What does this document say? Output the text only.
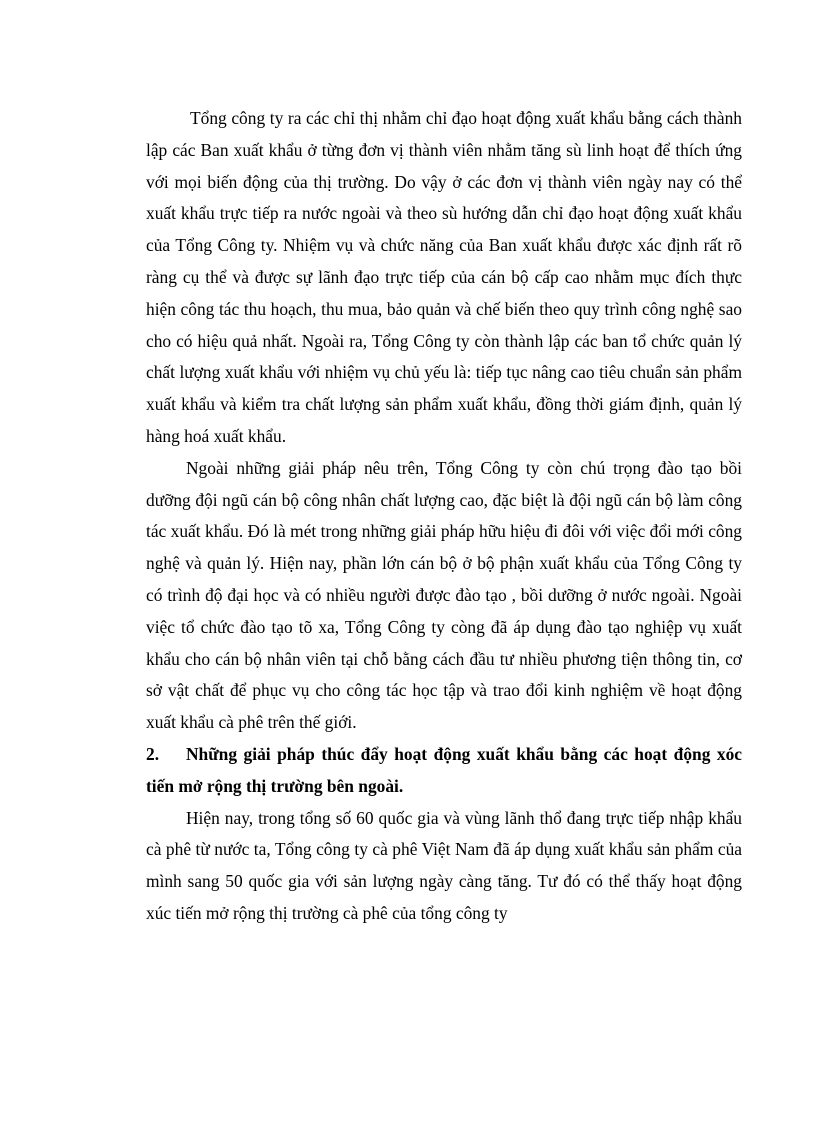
Tổng công ty ra các chỉ thị nhằm chỉ đạo hoạt động xuất khẩu bằng cách thành lập các Ban xuất khẩu ở từng đơn vị thành viên nhằm tăng sù linh hoạt để thích ứng với mọi biến động của thị trường. Do vậy ở các đơn vị thành viên ngày nay có thể xuất khẩu trực tiếp ra nước ngoài và theo sù hướng dẫn chỉ đạo hoạt động xuất khẩu của Tổng Công ty. Nhiệm vụ và chức năng của Ban xuất khẩu được xác định rất rõ ràng cụ thể và được sự lãnh đạo trực tiếp của cán bộ cấp cao nhằm mục đích thực hiện công tác thu hoạch, thu mua, bảo quản và chế biến theo quy trình công nghệ sao cho có hiệu quả nhất. Ngoài ra, Tổng Công ty còn thành lập các ban tổ chức quản lý chất lượng xuất khẩu với nhiệm vụ chủ yếu là: tiếp tục nâng cao tiêu chuẩn sản phẩm xuất khẩu và kiểm tra chất lượng sản phẩm xuất khẩu, đồng thời giám định, quản lý hàng hoá xuất khẩu.

Ngoài những giải pháp nêu trên, Tổng Công ty còn chú trọng đào tạo bồi dưỡng đội ngũ cán bộ công nhân chất lượng cao, đặc biệt là đội ngũ cán bộ làm công tác xuất khẩu. Đó là mét trong những giải pháp hữu hiệu đi đôi với việc đổi mới công nghệ và quản lý. Hiện nay, phần lớn cán bộ ở bộ phận xuất khẩu của Tổng Công ty có trình độ đại học và có nhiều người được đào tạo , bồi dưỡng ở nước ngoài. Ngoài việc tổ chức đào tạo tõ xa, Tổng Công ty còng đã áp dụng đào tạo nghiệp vụ xuất khẩu cho cán bộ nhân viên tại chỗ bằng cách đầu tư nhiều phương tiện thông tin, cơ sở vật chất để phục vụ cho công tác học tập và trao đổi kinh nghiệm về hoạt động xuất khẩu cà phê trên thế giới.

2. Những giải pháp thúc đẩy hoạt động xuất khẩu bằng các hoạt động xóc tiến mở rộng thị trường bên ngoài.

Hiện nay, trong tổng số 60 quốc gia và vùng lãnh thổ đang trực tiếp nhập khẩu cà phê từ nước ta, Tổng công ty cà phê Việt Nam đã áp dụng xuất khẩu sản phẩm của mình sang 50 quốc gia với sản lượng ngày càng tăng. Tư đó có thể thấy hoạt động xúc tiến mở rộng thị trường cà phê của tổng công ty
